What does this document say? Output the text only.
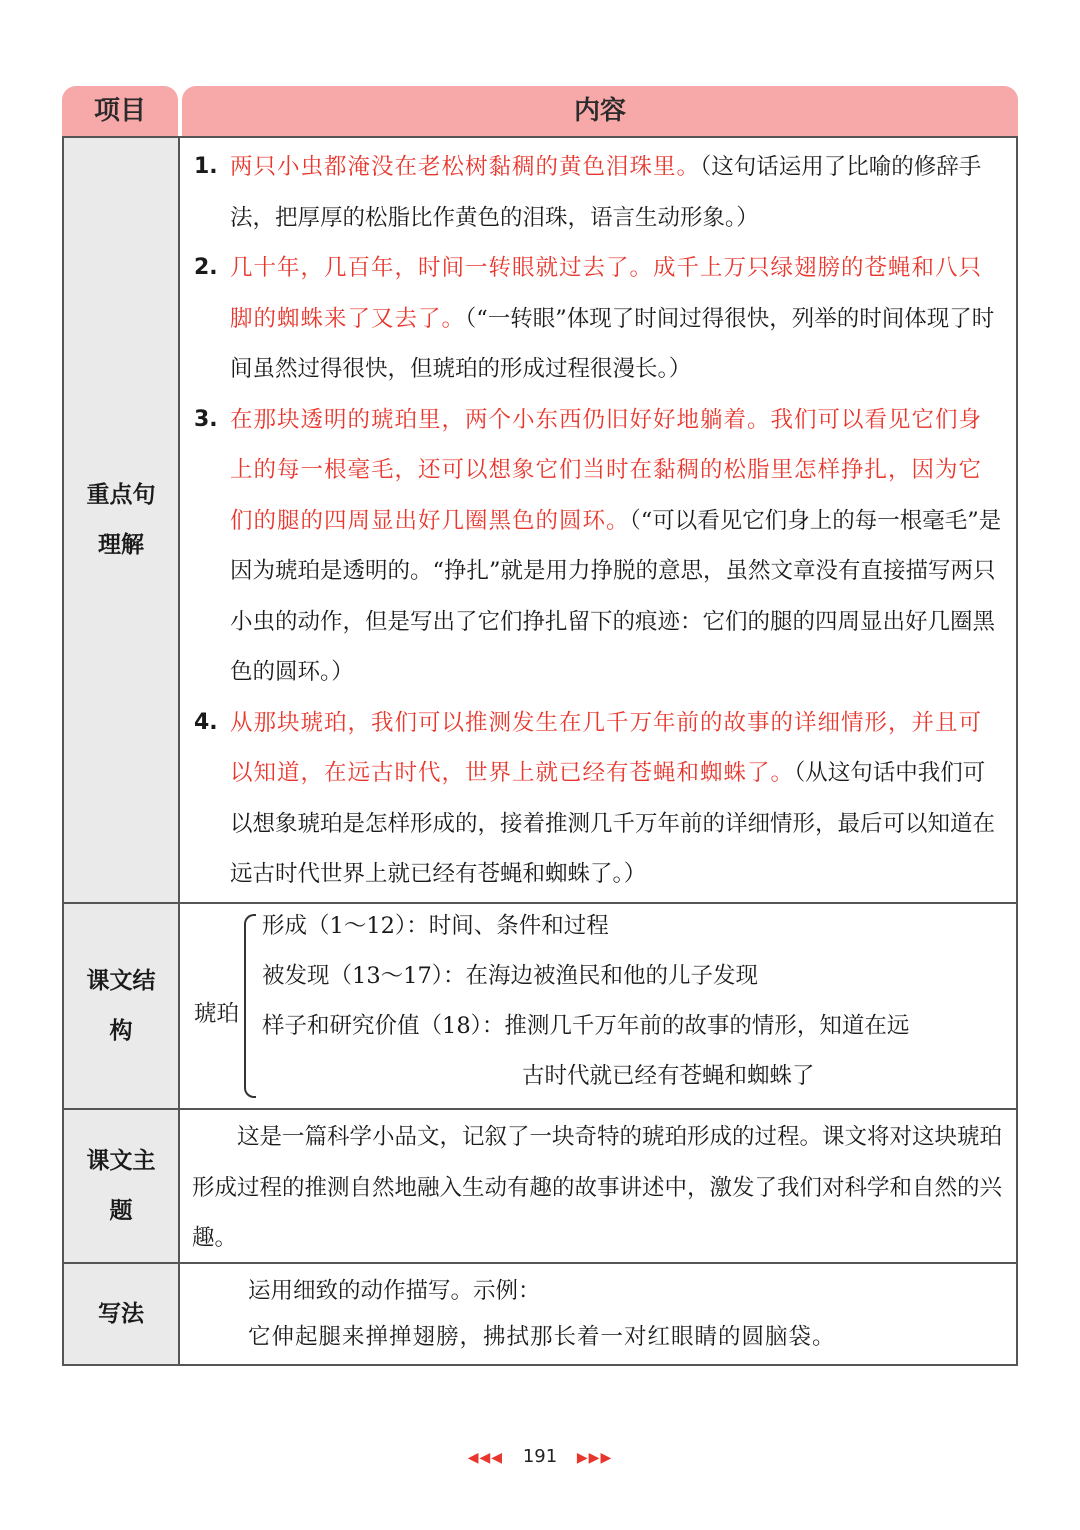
项目	内容
重点句理解
1. 两只小虫都淹没在老松树黏稠的黄色泪珠里。（这句话运用了比喻的修辞手法，把厚厚的松脂比作黄色的泪珠，语言生动形象。）
2. 几十年，几百年，时间一转眼就过去了。成千上万只绿翅膀的苍蝇和八只脚的蜘蛛来了又去了。（“一转眼”体现了时间过得很快，列举的时间体现了时间虽然过得很快，但琥珀的形成过程很漫长。）
3. 在那块透明的琥珀里，两个小东西仍旧好好地躺着。我们可以看见它们身上的每一根毫毛，还可以想象它们当时在黏稠的松脂里怎样挣扎，因为它们的腿的四周显出好几圈黑色的圆环。（“可以看见它们身上的每一根毫毛”是因为琥珀是透明的。“挣扎”就是用力挣脱的意思，虽然文章没有直接描写两只小虫的动作，但是写出了它们挣扎留下的痕迹：它们的腿的四周显出好几圈黑色的圆环。）
4. 从那块琥珀，我们可以推测发生在几千万年前的故事的详细情形，并且可以知道，在远古时代，世界上就已经有苍蝇和蜘蛛了。（从这句话中我们可以想象琥珀是怎样形成的，接着推测几千万年前的详细情形，最后可以知道在远古时代世界上就已经有苍蝇和蜘蛛了。）
课文结构
琥珀
形成（1～12）：时间、条件和过程
被发现（13～17）：在海边被渔民和他的儿子发现
样子和研究价值（18）：推测几千万年前的故事的情形，知道在远
古时代就已经有苍蝇和蜘蛛了
课文主题
这是一篇科学小品文，记叙了一块奇特的琥珀形成的过程。课文将对这块琥珀形成过程的推测自然地融入生动有趣的故事讲述中，激发了我们对科学和自然的兴趣。
写法
运用细致的动作描写。示例：
它伸起腿来掸掸翅膀，拂拭那长着一对红眼睛的圆脑袋。
◀◀◀ 191 ▶▶▶
